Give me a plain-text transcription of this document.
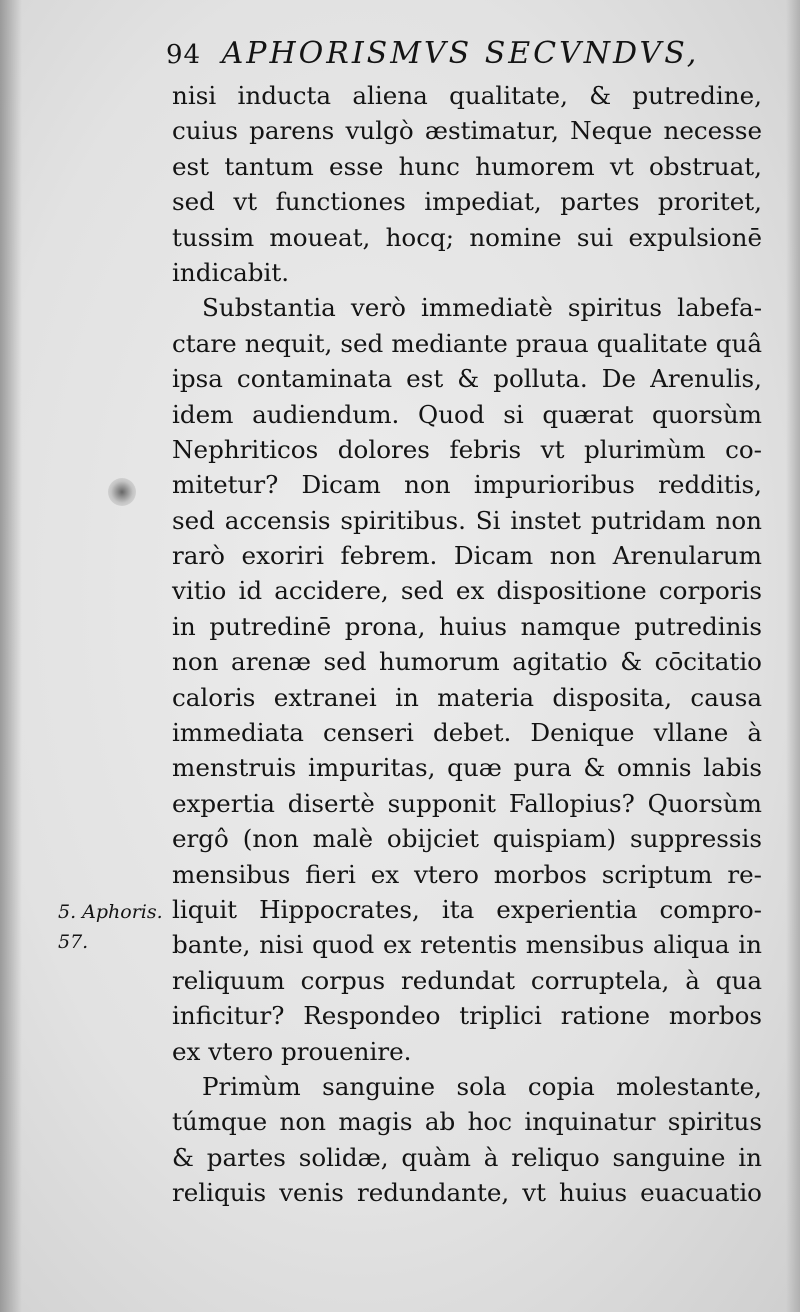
94 APHORISMVS SECVNDVS,
nisi inducta aliena qualitate, & putredine,
cuius parens vulgò æstimatur, Neque necesse
est tantum esse hunc humorem vt obstruat,
sed vt functiones impediat, partes proritet,
tussim moueat, hocq; nomine sui expulsionē
indicabit.
Substantia verò immediatè spiritus labefa-
ctare nequit, sed mediante praua qualitate quâ
ipsa contaminata est & polluta. De Arenulis,
idem audiendum. Quod si quærat quorsùm
Nephriticos dolores febris vt plurimùm co-
mitetur? Dicam non impurioribus redditis,
sed accensis spiritibus. Si instet putridam non
rarò exoriri febrem. Dicam non Arenularum
vitio id accidere, sed ex dispositione corporis
in putredinē prona, huius namque putredinis
non arenæ sed humorum agitatio & cōcitatio
caloris extranei in materia disposita, causa
immediata censeri debet. Denique vllane à
menstruis impuritas, quæ pura & omnis labis
expertia disertè supponit Fallopius? Quorsùm
ergô (non malè obijciet quispiam) suppressis
mensibus fieri ex vtero morbos scriptum re-
liquit Hippocrates, ita experientia compro-
bante, nisi quod ex retentis mensibus aliqua in
reliquum corpus redundat corruptela, à qua
inficitur? Respondeo triplici ratione morbos
ex vtero prouenire.
Primùm sanguine sola copia molestante,
túmque non magis ab hoc inquinatur spiritus
& partes solidæ, quàm à reliquo sanguine in
reliquis venis redundante, vt huius euacuatio
5. Aphoris.
57.
